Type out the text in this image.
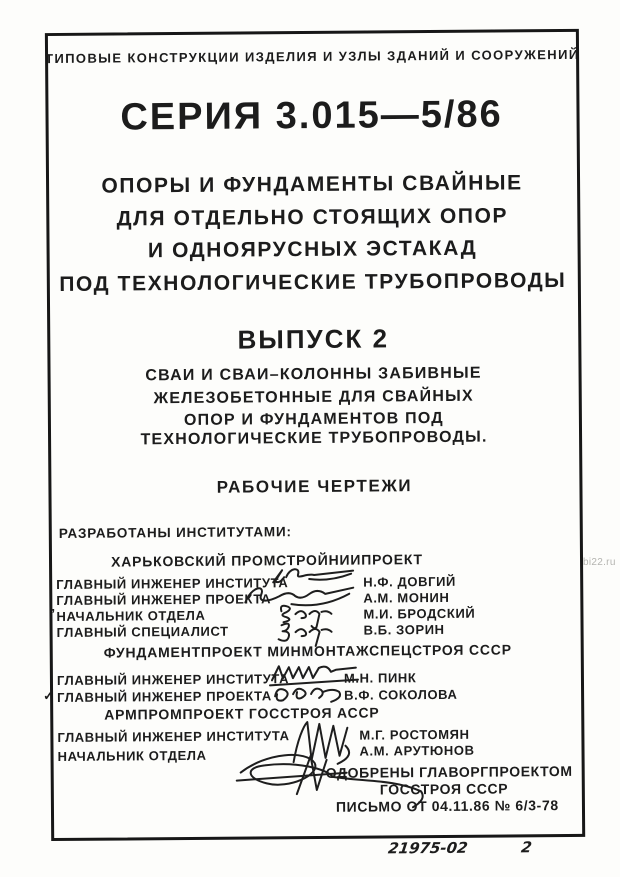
ТИПОВЫЕ КОНСТРУКЦИИ ИЗДЕЛИЯ И УЗЛЫ ЗДАНИЙ И СООРУЖЕНИЙ
СЕРИЯ 3.015—5/86
ОПОРЫ И ФУНДАМЕНТЫ СВАЙНЫЕ
ДЛЯ ОТДЕЛЬНО СТОЯЩИХ ОПОР
И ОДНОЯРУСНЫХ ЭСТАКАД
ПОД ТЕХНОЛОГИЧЕСКИЕ ТРУБОПРОВОДЫ
ВЫПУСК 2
СВАИ И СВАИ–КОЛОННЫ ЗАБИВНЫЕ
ЖЕЛЕЗОБЕТОННЫЕ ДЛЯ СВАЙНЫХ
ОПОР И ФУНДАМЕНТОВ ПОД
ТЕХНОЛОГИЧЕСКИЕ ТРУБОПРОВОДЫ.
РАБОЧИЕ ЧЕРТЕЖИ
РАЗРАБОТАНЫ ИНСТИТУТАМИ:
ХАРЬКОВСКИЙ ПРОМСТРОЙНИИПРОЕКТ
ГЛАВНЫЙ ИНЖЕНЕР ИНСТИТУТА	Н.Ф. ДОВГИЙ
ГЛАВНЫЙ ИНЖЕНЕР ПРОЕКТА	А.М. МОНИН
ʼ НАЧАЛЬНИК ОТДЕЛА	М.И. БРОДСКИЙ
ГЛАВНЫЙ СПЕЦИАЛИСТ	В.Б. ЗОРИН
ФУНДАМЕНТПРОЕКТ МИНМОНТАЖСПЕЦСТРОЯ СССР
ГЛАВНЫЙ ИНЖЕНЕР ИНСТИТУТА	М.Н. ПИНК
✓ ГЛАВНЫЙ ИНЖЕНЕР ПРОЕКТА	В.Ф. СОКОЛОВА
АРМПРОМПРОЕКТ ГОССТРОЯ АССР
ГЛАВНЫЙ ИНЖЕНЕР ИНСТИТУТА	М.Г. РОСТОМЯН
НАЧАЛЬНИК ОТДЕЛА	А.М. АРУТЮНОВ
ОДОБРЕНЫ ГЛАВОРГПРОЕКТОМ
ГОССТРОЯ СССР
ПИСЬМО ОТ 04.11.86 № 6/3-78
21975-02	2
bi22.ru
